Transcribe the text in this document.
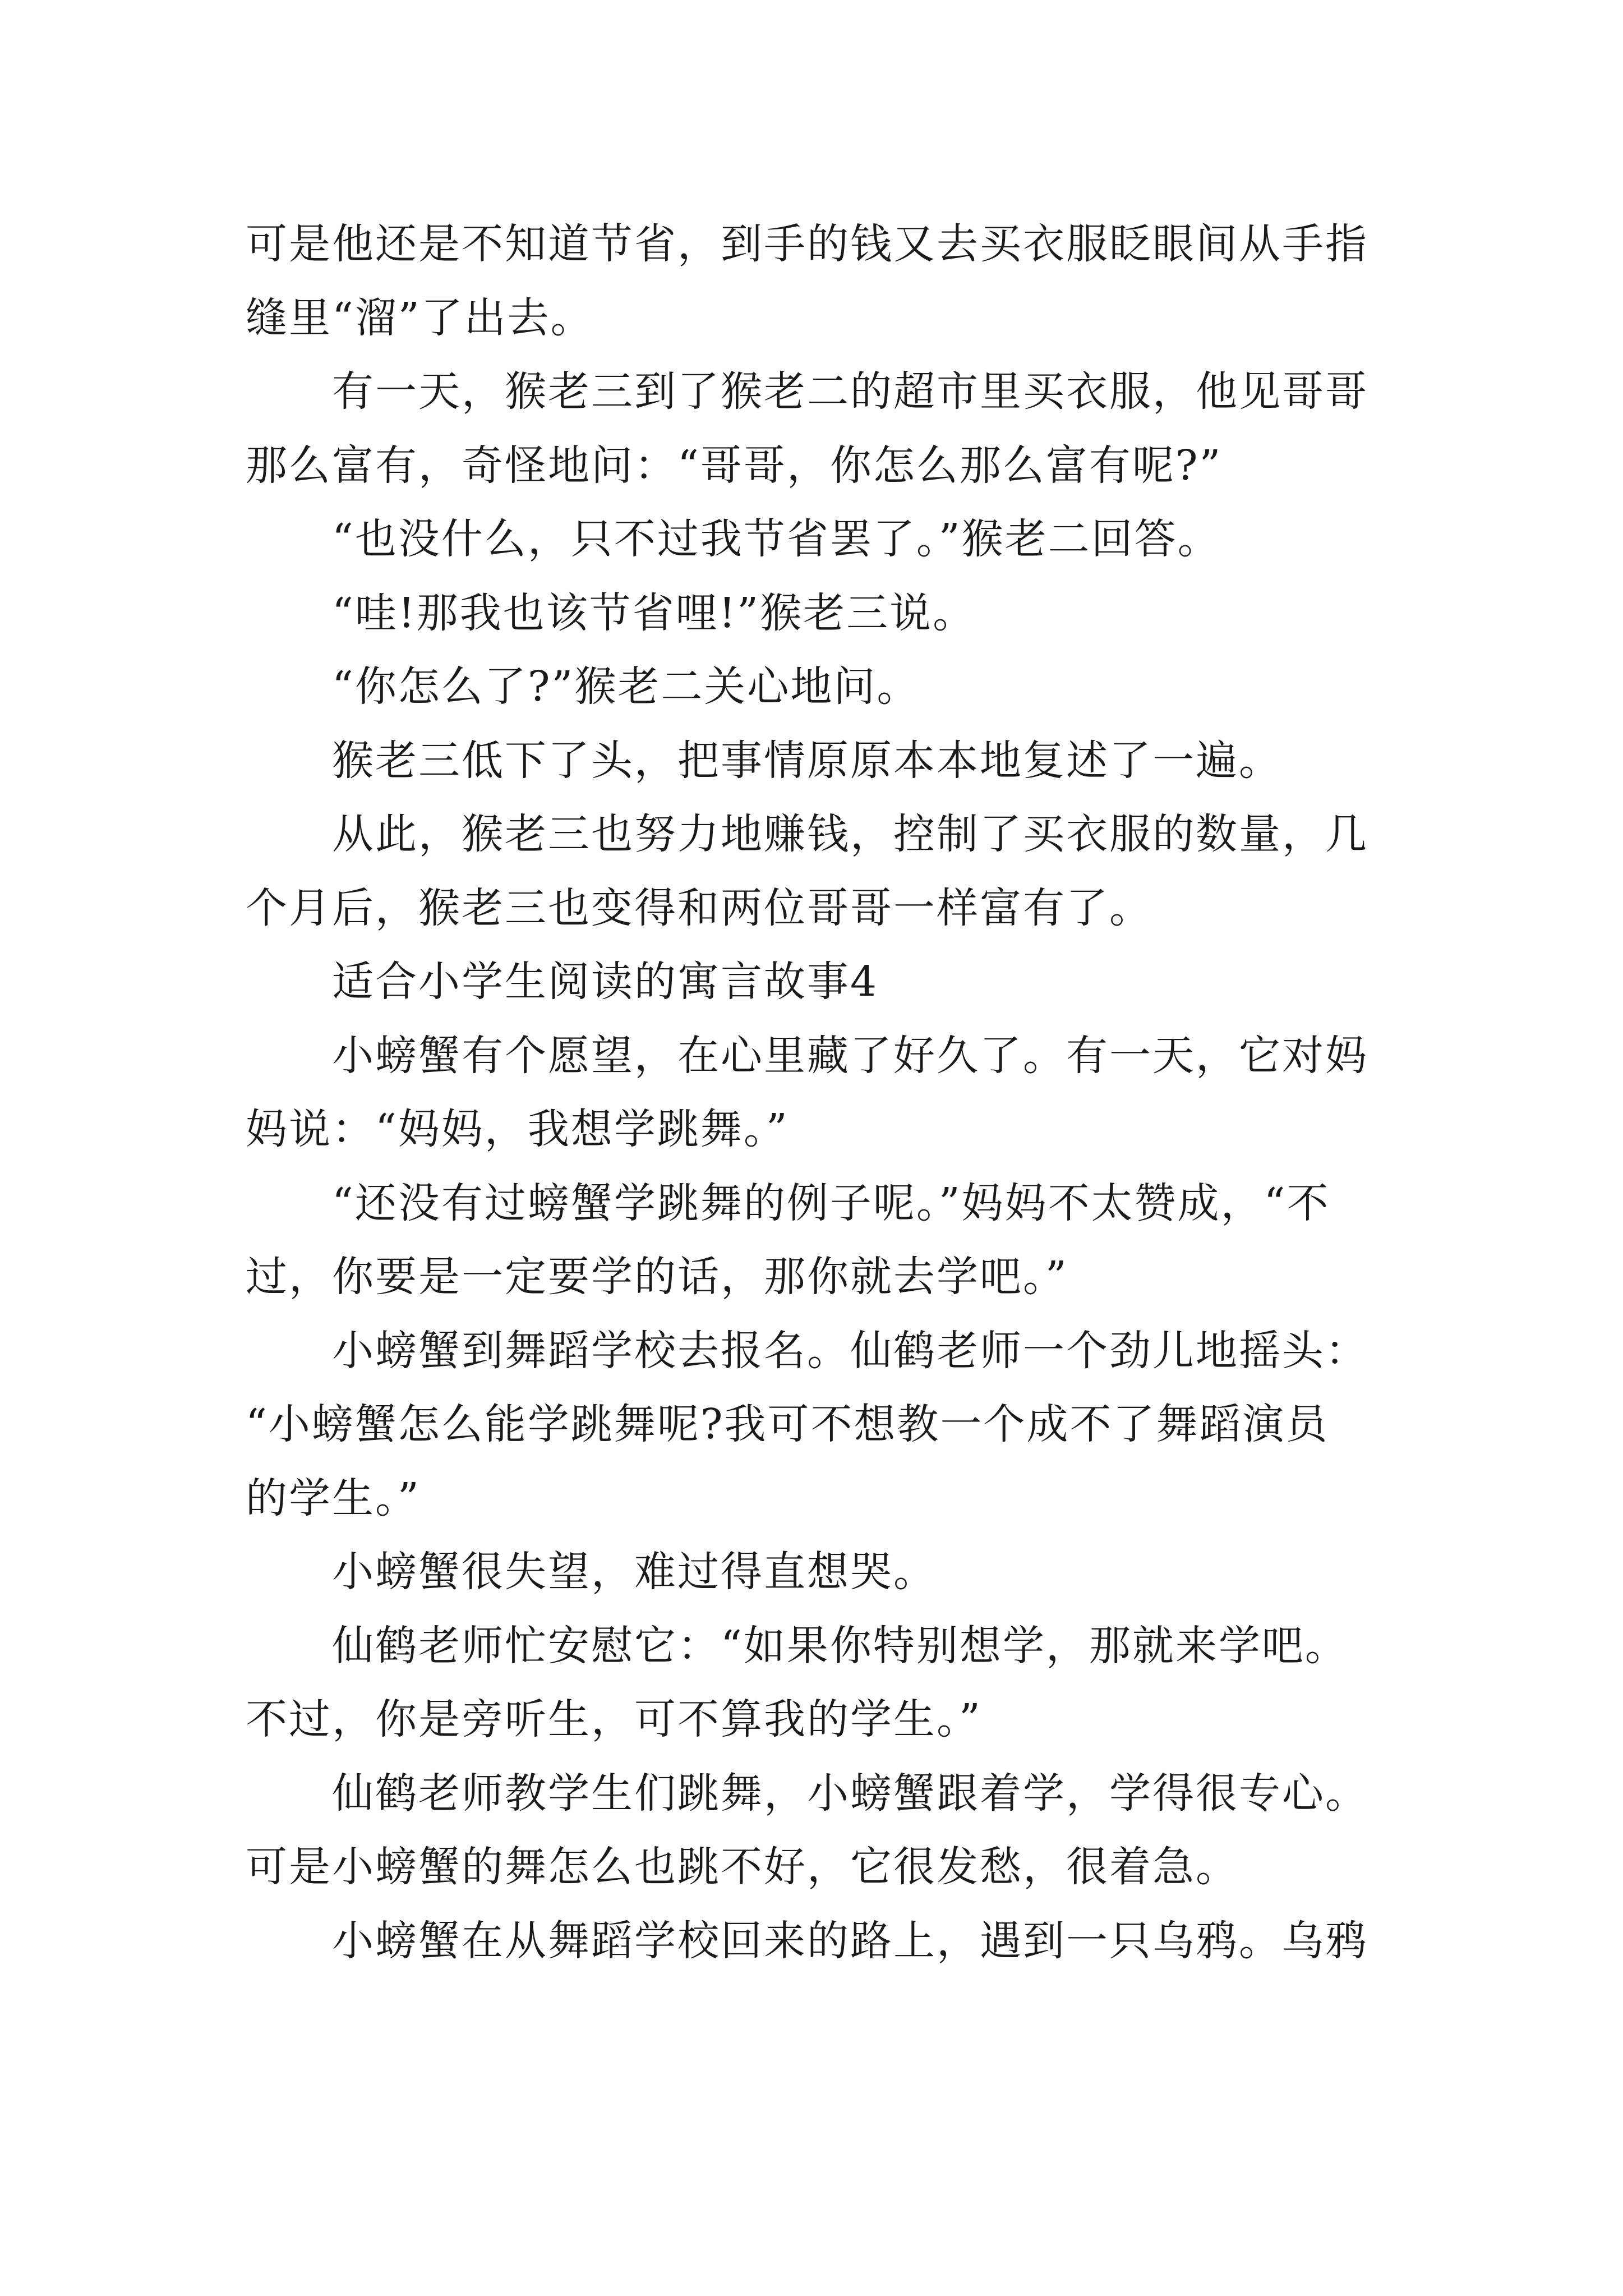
可是他还是不知道节省，到手的钱又去买衣服眨眼间从手指

缝里“溜”了出去。

　　有一天，猴老三到了猴老二的超市里买衣服，他见哥哥

那么富有，奇怪地问：“哥哥，你怎么那么富有呢?”

　　“也没什么，只不过我节省罢了。”猴老二回答。

　　“哇!那我也该节省哩!”猴老三说。

　　“你怎么了?”猴老二关心地问。

　　猴老三低下了头，把事情原原本本地复述了一遍。

　　从此，猴老三也努力地赚钱，控制了买衣服的数量，几

个月后，猴老三也变得和两位哥哥一样富有了。

　　适合小学生阅读的寓言故事4

　　小螃蟹有个愿望，在心里藏了好久了。有一天，它对妈

妈说：“妈妈，我想学跳舞。”

　　“还没有过螃蟹学跳舞的例子呢。”妈妈不太赞成，“不

过，你要是一定要学的话，那你就去学吧。”

　　小螃蟹到舞蹈学校去报名。仙鹤老师一个劲儿地摇头：

“小螃蟹怎么能学跳舞呢?我可不想教一个成不了舞蹈演员

的学生。”

　　小螃蟹很失望，难过得直想哭。

　　仙鹤老师忙安慰它：“如果你特别想学，那就来学吧。

不过，你是旁听生，可不算我的学生。”

　　仙鹤老师教学生们跳舞，小螃蟹跟着学，学得很专心。

可是小螃蟹的舞怎么也跳不好，它很发愁，很着急。

　　小螃蟹在从舞蹈学校回来的路上，遇到一只乌鸦。乌鸦
